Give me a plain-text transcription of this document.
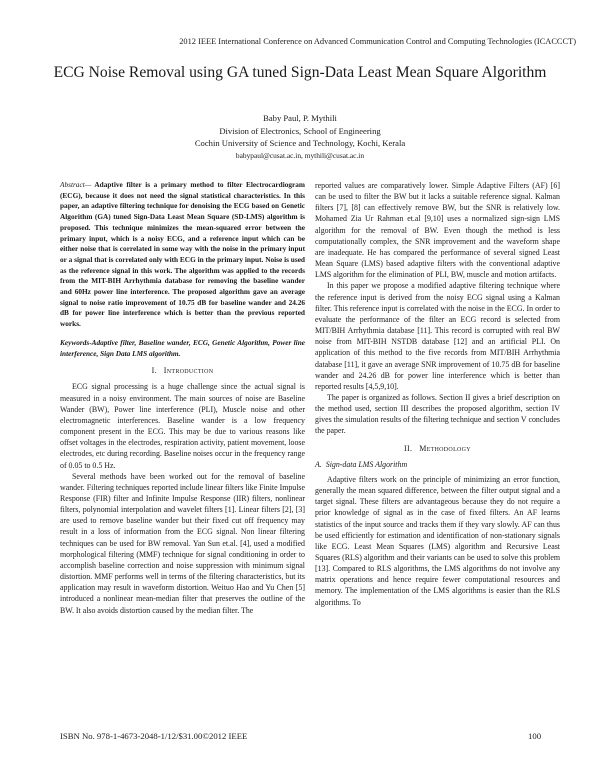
2012 IEEE International Conference on Advanced Communication Control and Computing Technologies (ICACCCT)
ECG Noise Removal using GA tuned Sign-Data Least Mean Square Algorithm
Baby Paul, P. Mythili
Division of Electronics, School of Engineering
Cochin University of Science and Technology, Kochi, Kerala
babypaul@cusat.ac.in, mythili@cusat.ac.in

Abstract— Adaptive filter is a primary method to filter Electrocardiogram (ECG), because it does not need the signal statistical characteristics. In this paper, an adaptive filtering technique for denoising the ECG based on Genetic Algorithm (GA) tuned Sign-Data Least Mean Square (SD-LMS) algorithm is proposed. This technique minimizes the mean-squared error between the primary input, which is a noisy ECG, and a reference input which can be either noise that is correlated in some way with the noise in the primary input or a signal that is correlated only with ECG in the primary input. Noise is used as the reference signal in this work. The algorithm was applied to the records from the MIT-BIH Arrhythmia database for removing the baseline wander and 60Hz power line interference. The proposed algorithm gave an average signal to noise ratio improvement of 10.75 dB for baseline wander and 24.26 dB for power line interference which is better than the previous reported works.

Keywords-Adaptive filter, Baseline wander, ECG, Genetic Algorithm, Power line interference, Sign Data LMS algorithm.

I. Introduction

ECG signal processing is a huge challenge since the actual signal is measured in a noisy environment. The main sources of noise are Baseline Wander (BW), Power line interference (PLI), Muscle noise and other electromagnetic interferences. Baseline wander is a low frequency component present in the ECG. This may be due to various reasons like offset voltages in the electrodes, respiration activity, patient movement, loose electrodes, etc during recording. Baseline noises occur in the frequency range of 0.05 to 0.5 Hz.

Several methods have been worked out for the removal of baseline wander. Filtering techniques reported include linear filters like Finite Impulse Response (FIR) filter and Infinite Impulse Response (IIR) filters, nonlinear filters, polynomial interpolation and wavelet filters [1]. Linear filters [2], [3] are used to remove baseline wander but their fixed cut off frequency may result in a loss of information from the ECG signal. Non linear filtering techniques can be used for BW removal. Yan Sun et.al. [4], used a modified morphological filtering (MMF) technique for signal conditioning in order to accomplish baseline correction and noise suppression with minimum signal distortion. MMF performs well in terms of the filtering characteristics, but its application may result in waveform distortion. Weituo Hao and Yu Chen [5] introduced a nonlinear mean-median filter that preserves the outline of the BW. It also avoids distortion caused by the median filter. The

reported values are comparatively lower. Simple Adaptive Filters (AF) [6] can be used to filter the BW but it lacks a suitable reference signal. Kalman filters [7], [8] can effectively remove BW, but the SNR is relatively low. Mohamed Zia Ur Rahman et.al [9,10] uses a normalized sign-sign LMS algorithm for the removal of BW. Even though the method is less computationally complex, the SNR improvement and the waveform shape are inadequate. He has compared the performance of several signed Least Mean Square (LMS) based adaptive filters with the conventional adaptive LMS algorithm for the elimination of PLI, BW, muscle and motion artifacts.

In this paper we propose a modified adaptive filtering technique where the reference input is derived from the noisy ECG signal using a Kalman filter. This reference input is correlated with the noise in the ECG. In order to evaluate the performance of the filter an ECG record is selected from MIT/BIH Arrhythmia database [11]. This record is corrupted with real BW noise from MIT-BIH NSTDB database [12] and an artificial PLI. On application of this method to the five records from MIT/BIH Arrhythmia database [11], it gave an average SNR improvement of 10.75 dB for baseline wander and 24.26 dB for power line interference which is better than reported results [4,5,9,10].

The paper is organized as follows. Section II gives a brief description on the method used, section III describes the proposed algorithm, section IV gives the simulation results of the filtering technique and section V concludes the paper.

II. Methodology

A. Sign-data LMS Algorithm

Adaptive filters work on the principle of minimizing an error function, generally the mean squared difference, between the filter output signal and a target signal. These filters are advantageous because they do not require a prior knowledge of signal as in the case of fixed filters. An AF learns statistics of the input source and tracks them if they vary slowly. AF can thus be used efficiently for estimation and identification of non-stationary signals like ECG. Least Mean Squares (LMS) algorithm and Recursive Least Squares (RLS) algorithm and their variants can be used to solve this problem [13]. Compared to RLS algorithms, the LMS algorithms do not involve any matrix operations and hence require fewer computational resources and memory. The implementation of the LMS algorithms is easier than the RLS algorithms. To

ISBN No. 978-1-4673-2048-1/12/$31.00©2012 IEEE	100
